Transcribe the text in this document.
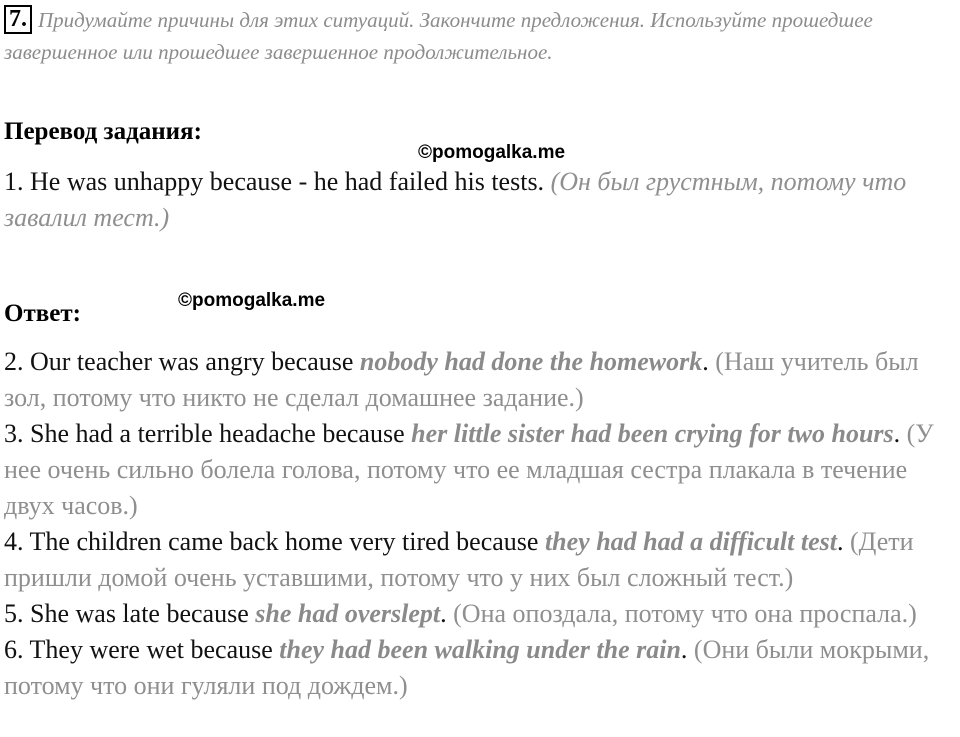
7. Придумайте причины для этих ситуаций. Закончите предложения. Используйте прошедшее завершенное или прошедшее завершенное продолжительное.
Перевод задания:
©pomogalka.me
1. He was unhappy because - he had failed his tests. (Он был грустным, потому что завалил тест.)
Ответ:	©pomogalka.me
2. Our teacher was angry because nobody had done the homework. (Наш учитель был зол, потому что никто не сделал домашнее задание.)
3. She had a terrible headache because her little sister had been crying for two hours. (У нее очень сильно болела голова, потому что ее младшая сестра плакала в течение двух часов.)
4. The children came back home very tired because they had had a difficult test. (Дети пришли домой очень уставшими, потому что у них был сложный тест.)
5. She was late because she had overslept. (Она опоздала, потому что она проспала.)
6. They were wet because they had been walking under the rain. (Они были мокрыми, потому что они гуляли под дождем.)
